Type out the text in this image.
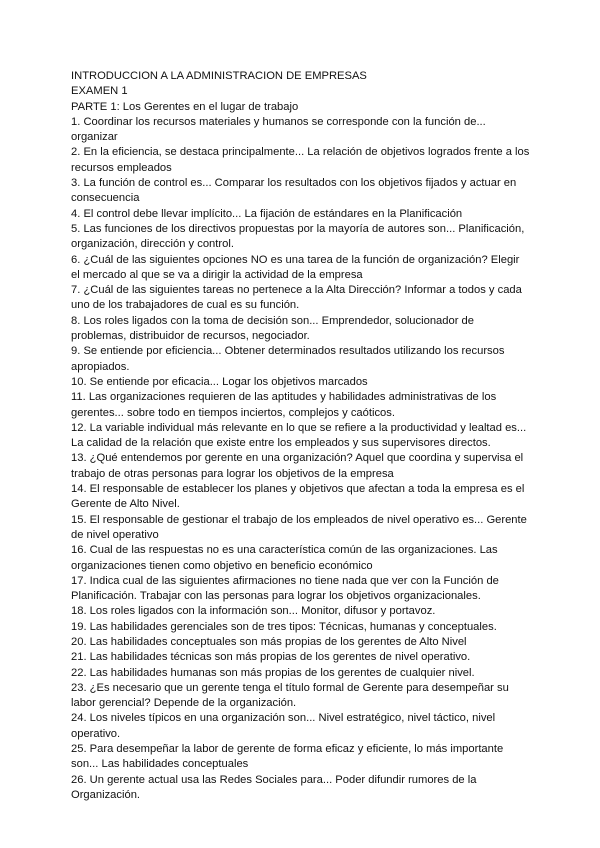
INTRODUCCION A LA ADMINISTRACION DE EMPRESAS

EXAMEN 1

PARTE 1: Los Gerentes en el lugar de trabajo

1. Coordinar los recursos materiales y humanos se corresponde con la función de... organizar

2. En la eficiencia, se destaca principalmente... La relación de objetivos logrados frente a los recursos empleados

3. La función de control es... Comparar los resultados con los objetivos fijados y actuar en consecuencia

4. El control debe llevar implícito... La fijación de estándares en la Planificación

5. Las funciones de los directivos propuestas por la mayoría de autores son... Planificación, organización, dirección y control.

6. ¿Cuál de las siguientes opciones NO es una tarea de la función de organización? Elegir el mercado al que se va a dirigir la actividad de la empresa

7. ¿Cuál de las siguientes tareas no pertenece a la Alta Dirección? Informar a todos y cada uno de los trabajadores de cual es su función.

8. Los roles ligados con la toma de decisión son... Emprendedor, solucionador de problemas, distribuidor de recursos, negociador.

9. Se entiende por eficiencia... Obtener determinados resultados utilizando los recursos apropiados.

10. Se entiende por eficacia... Logar los objetivos marcados

11. Las organizaciones requieren de las aptitudes y habilidades administrativas de los gerentes... sobre todo en tiempos inciertos, complejos y caóticos.

12. La variable individual más relevante en lo que se refiere a la productividad y lealtad es... La calidad de la relación que existe entre los empleados y sus supervisores directos.

13. ¿Qué entendemos por gerente en una organización? Aquel que coordina y supervisa el trabajo de otras personas para lograr los objetivos de la empresa

14. El responsable de establecer los planes y objetivos que afectan a toda la empresa es el Gerente de Alto Nivel.

15. El responsable de gestionar el trabajo de los empleados de nivel operativo es... Gerente de nivel operativo

16. Cual de las respuestas no es una característica común de las organizaciones. Las organizaciones tienen como objetivo en beneficio económico

17. Indica cual de las siguientes afirmaciones no tiene nada que ver con la Función de Planificación. Trabajar con las personas para lograr los objetivos organizacionales.

18. Los roles ligados con la información son... Monitor, difusor y portavoz.

19. Las habilidades gerenciales son de tres tipos: Técnicas, humanas y conceptuales.

20. Las habilidades conceptuales son más propias de los gerentes de Alto Nivel

21. Las habilidades técnicas son más propias de los gerentes de nivel operativo.

22. Las habilidades humanas son más propias de los gerentes de cualquier nivel.

23. ¿Es necesario que un gerente tenga el título formal de Gerente para desempeñar su labor gerencial? Depende de la organización.

24. Los niveles típicos en una organización son... Nivel estratégico, nivel táctico, nivel operativo.

25. Para desempeñar la labor de gerente de forma eficaz y eficiente, lo más importante son... Las habilidades conceptuales

26. Un gerente actual usa las Redes Sociales para... Poder difundir rumores de la Organización.
